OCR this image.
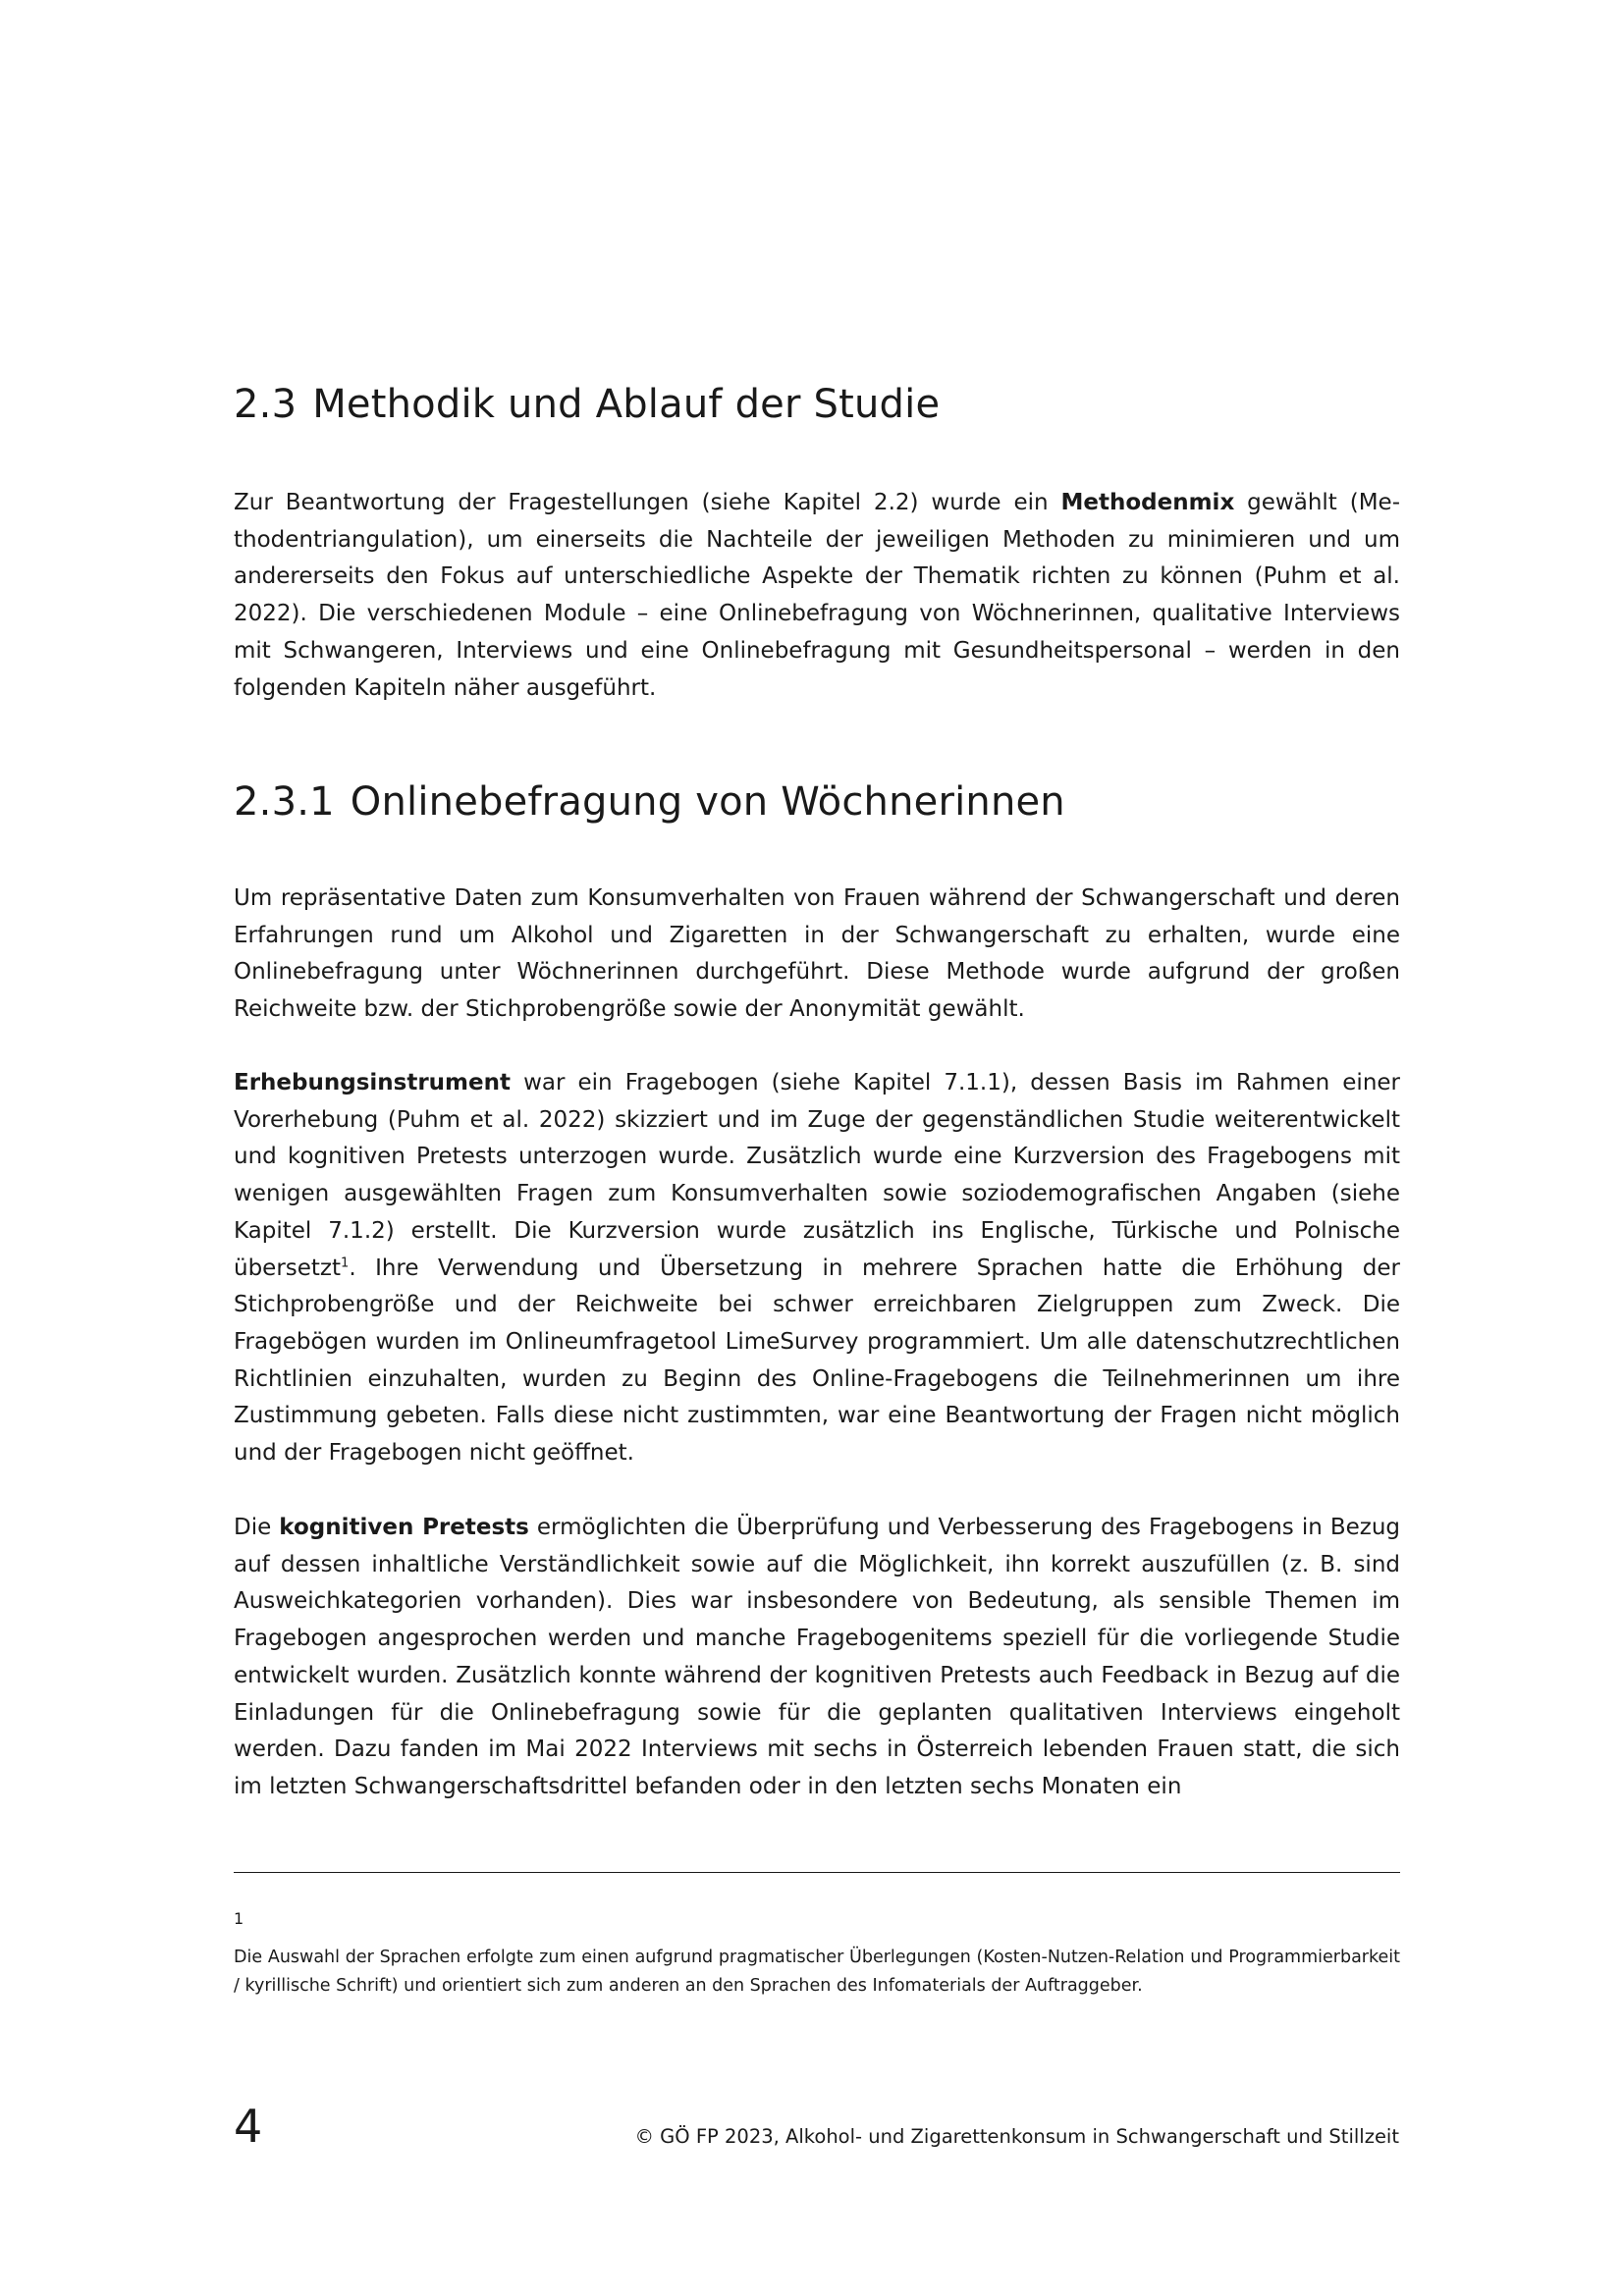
2.3 Methodik und Ablauf der Studie

Zur Beantwortung der Fragestellungen (siehe Kapitel 2.2) wurde ein Methodenmix gewählt (Methodentriangulation), um einerseits die Nachteile der jeweiligen Methoden zu minimieren und um andererseits den Fokus auf unterschiedliche Aspekte der Thematik richten zu können (Puhm et al. 2022). Die verschiedenen Module – eine Onlinebefragung von Wöchnerinnen, qualitative Interviews mit Schwangeren, Interviews und eine Onlinebefragung mit Gesundheitspersonal – werden in den folgenden Kapiteln näher ausgeführt.

2.3.1 Onlinebefragung von Wöchnerinnen

Um repräsentative Daten zum Konsumverhalten von Frauen während der Schwangerschaft und deren Erfahrungen rund um Alkohol und Zigaretten in der Schwangerschaft zu erhalten, wurde eine Onlinebefragung unter Wöchnerinnen durchgeführt. Diese Methode wurde aufgrund der großen Reichweite bzw. der Stichprobengröße sowie der Anonymität gewählt.

Erhebungsinstrument war ein Fragebogen (siehe Kapitel 7.1.1), dessen Basis im Rahmen einer Vorerhebung (Puhm et al. 2022) skizziert und im Zuge der gegenständlichen Studie weiterentwickelt und kognitiven Pretests unterzogen wurde. Zusätzlich wurde eine Kurzversion des Fragebogens mit wenigen ausgewählten Fragen zum Konsumverhalten sowie soziodemografischen Angaben (siehe Kapitel 7.1.2) erstellt. Die Kurzversion wurde zusätzlich ins Englische, Türkische und Polnische übersetzt$^1$. Ihre Verwendung und Übersetzung in mehrere Sprachen hatte die Erhöhung der Stichprobengröße und der Reichweite bei schwer erreichbaren Zielgruppen zum Zweck. Die Fragebögen wurden im Onlineumfragetool LimeSurvey programmiert. Um alle datenschutzrechtlichen Richtlinien einzuhalten, wurden zu Beginn des Online-Fragebogens die Teilnehmerinnen um ihre Zustimmung gebeten. Falls diese nicht zustimmten, war eine Beantwortung der Fragen nicht möglich und der Fragebogen nicht geöffnet.

Die kognitiven Pretests ermöglichten die Überprüfung und Verbesserung des Fragebogens in Bezug auf dessen inhaltliche Verständlichkeit sowie auf die Möglichkeit, ihn korrekt auszufüllen (z. B. sind Ausweichkategorien vorhanden). Dies war insbesondere von Bedeutung, als sensible Themen im Fragebogen angesprochen werden und manche Fragebogenitems speziell für die vorliegende Studie entwickelt wurden. Zusätzlich konnte während der kognitiven Pretests auch Feedback in Bezug auf die Einladungen für die Onlinebefragung sowie für die geplanten qualitativen Interviews eingeholt werden. Dazu fanden im Mai 2022 Interviews mit sechs in Österreich lebenden Frauen statt, die sich im letzten Schwangerschaftsdrittel befanden oder in den letzten sechs Monaten ein

1

Die Auswahl der Sprachen erfolgte zum einen aufgrund pragmatischer Überlegungen (Kosten-Nutzen-Relation und Programmierbarkeit / kyrillische Schrift) und orientiert sich zum anderen an den Sprachen des Infomaterials der Auftraggeber.

4	© GÖ FP 2023, Alkohol- und Zigarettenkonsum in Schwangerschaft und Stillzeit
